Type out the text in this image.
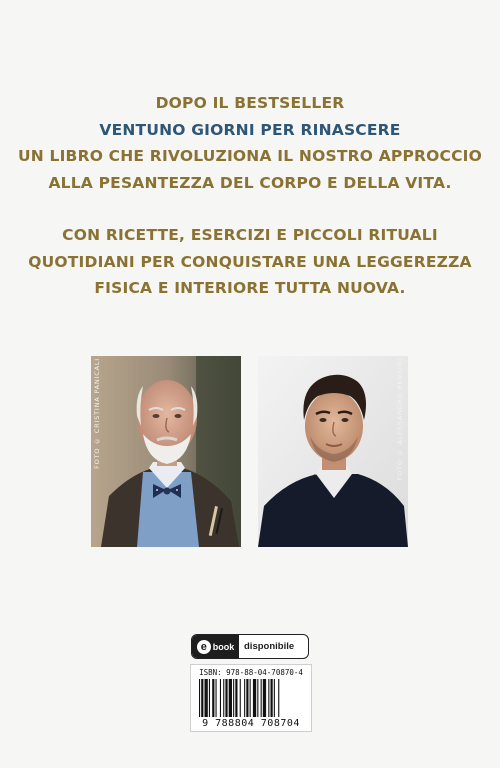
DOPO IL BESTSELLER
VENTUNO GIORNI PER RINASCERE
UN LIBRO CHE RIVOLUZIONA IL NOSTRO APPROCCIO
ALLA PESANTEZZA DEL CORPO E DELLA VITA.
CON RICETTE, ESERCIZI E PICCOLI RITUALI
QUOTIDIANI PER CONQUISTARE UNA LEGGEREZZA
FISICA E INTERIORE TUTTA NUOVA.
FOTO © CRISTINA PANICALI	FOTO © ALESSANDRO PENSINI
e book disponibile
ISBN: 978-88-04-70870-4
9 788804 708704
